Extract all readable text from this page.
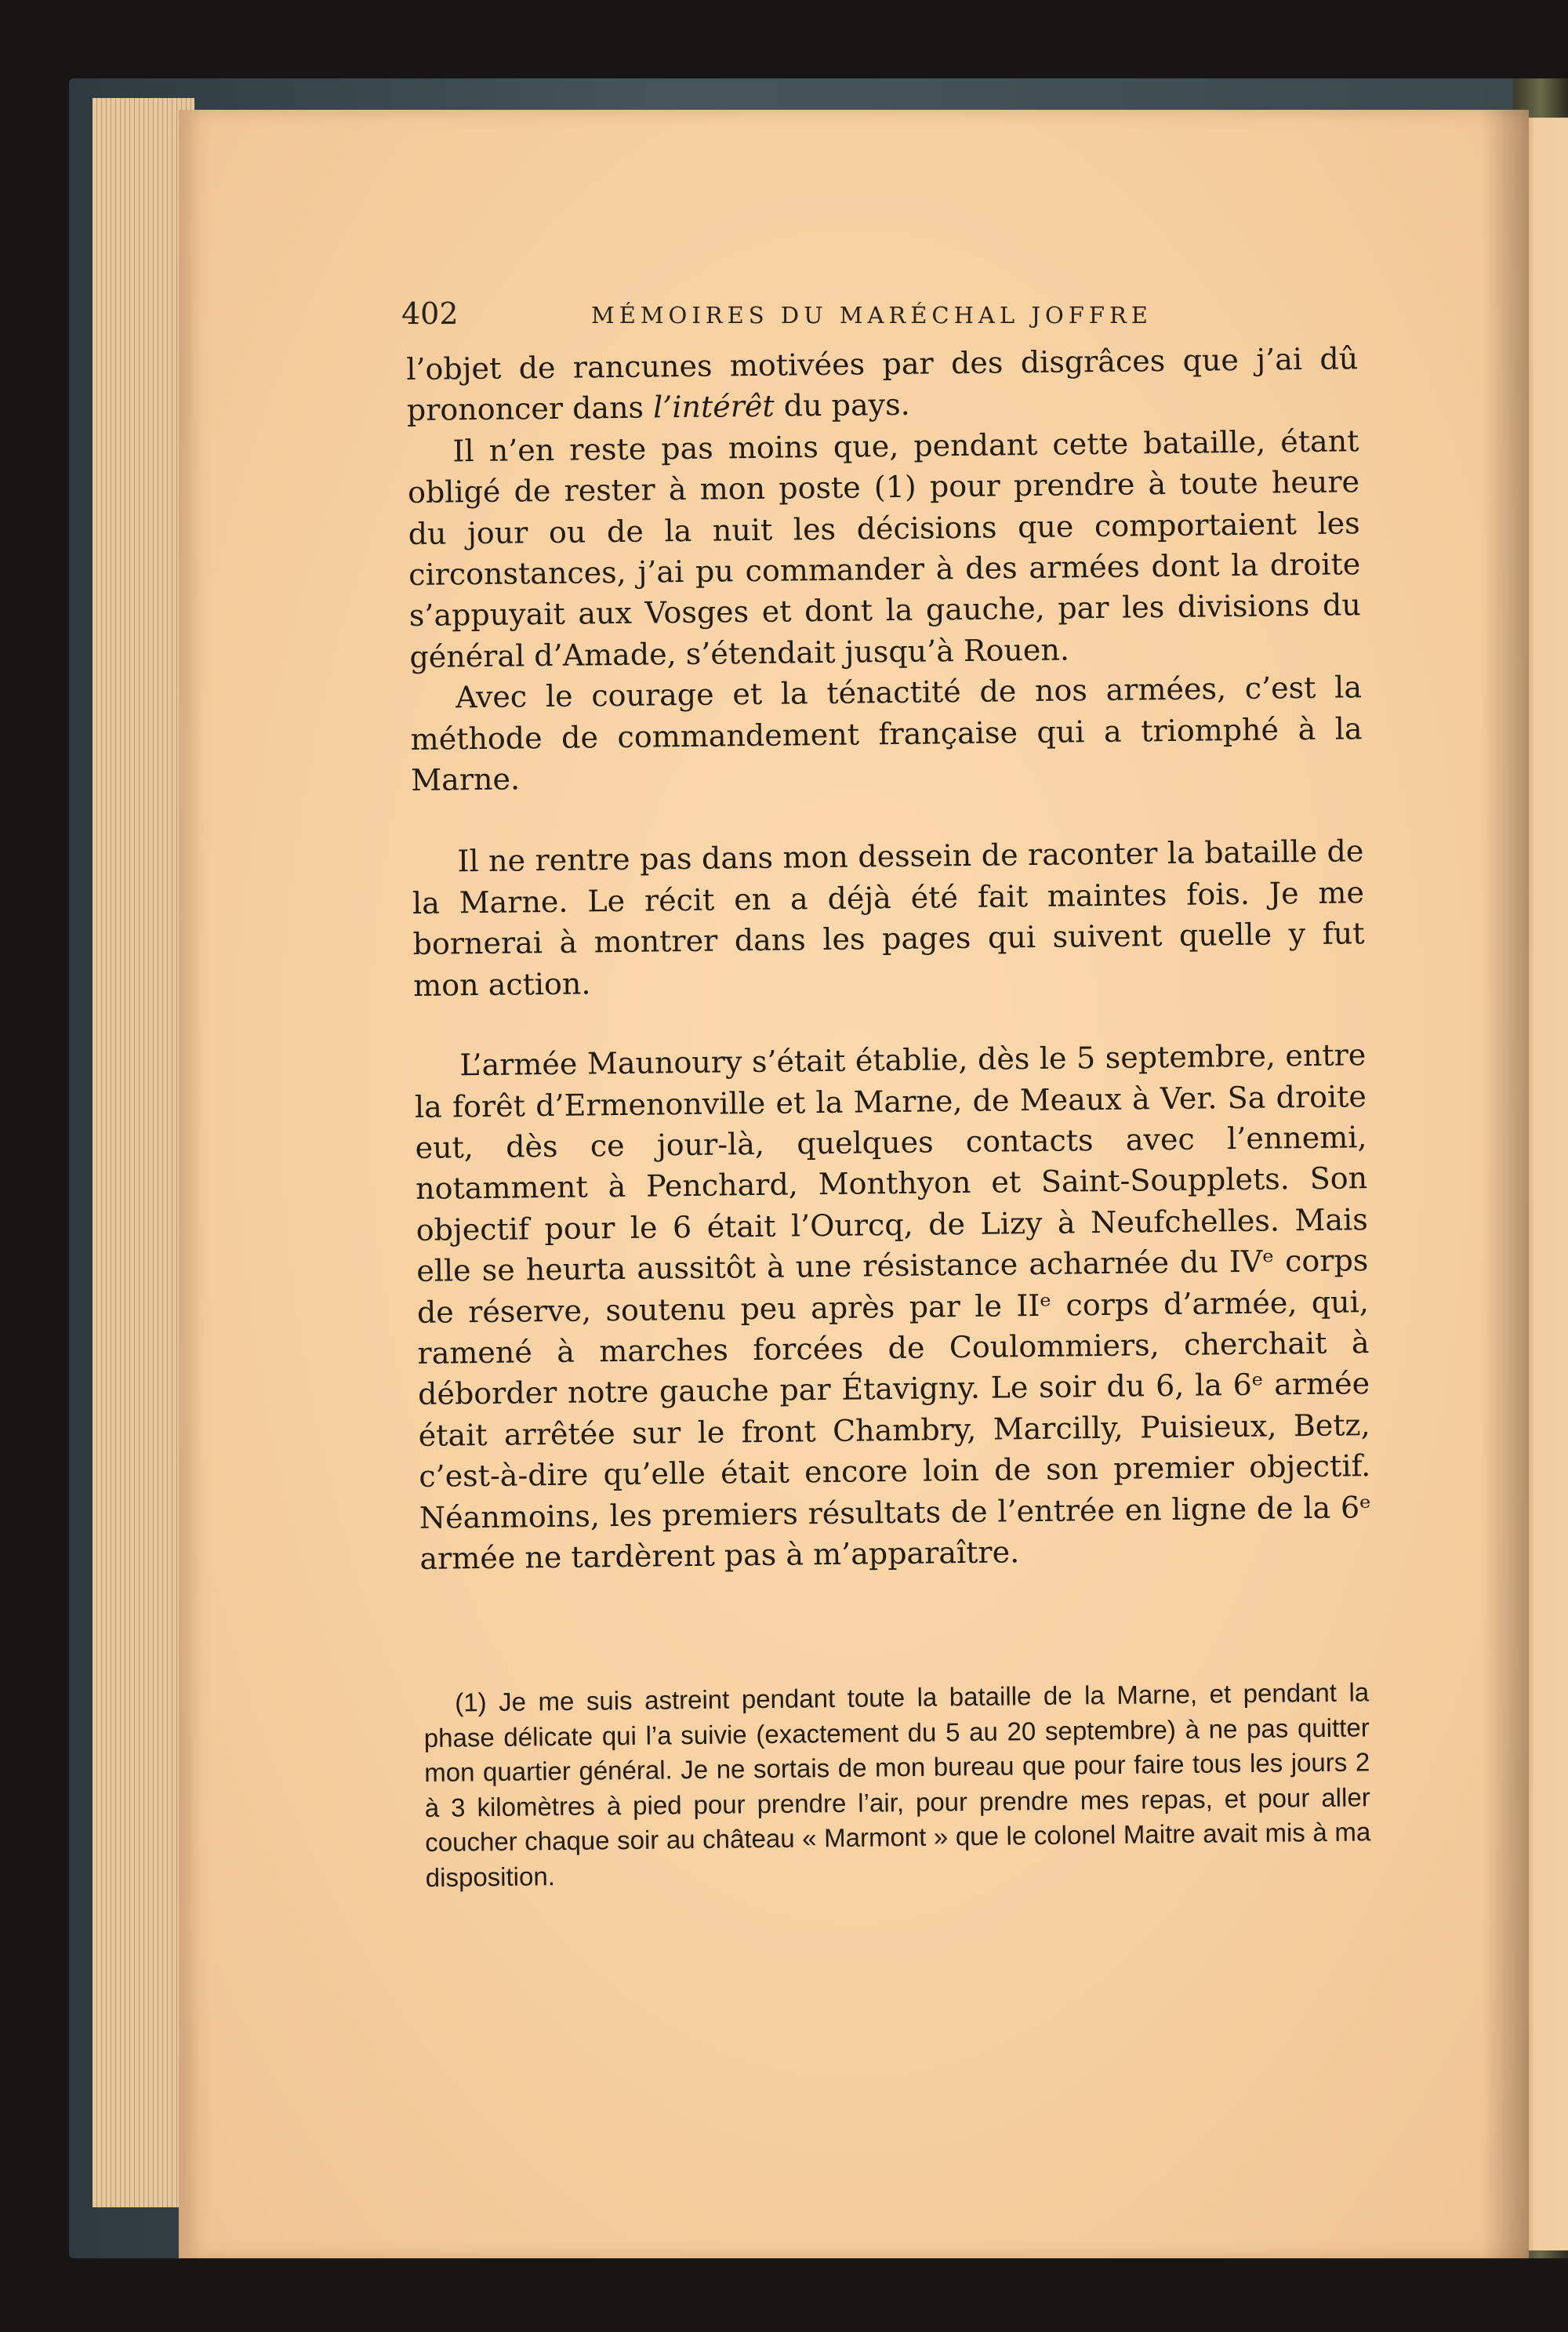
402	MÉMOIRES DU MARÉCHAL JOFFRE

l’objet de rancunes motivées par des disgrâces que j’ai dû prononcer dans l’intérêt du pays.

Il n’en reste pas moins que, pendant cette bataille, étant obligé de rester à mon poste (1) pour prendre à toute heure du jour ou de la nuit les décisions que comportaient les circonstances, j’ai pu commander à des armées dont la droite s’appuyait aux Vosges et dont la gauche, par les divisions du général d’Amade, s’étendait jusqu’à Rouen.

Avec le courage et la ténactité de nos armées, c’est la méthode de commandement française qui a triomphé à la Marne.

Il ne rentre pas dans mon dessein de raconter la bataille de la Marne. Le récit en a déjà été fait maintes fois. Je me bornerai à montrer dans les pages qui suivent quelle y fut mon action.

L’armée Maunoury s’était établie, dès le 5 septembre, entre la forêt d’Ermenonville et la Marne, de Meaux à Ver. Sa droite eut, dès ce jour-là, quelques contacts avec l’ennemi, notamment à Penchard, Monthyon et Saint-Soupplets. Son objectif pour le 6 était l’Ourcq, de Lizy à Neufchelles. Mais elle se heurta aussitôt à une résistance acharnée du IVᵉ corps de réserve, soutenu peu après par le IIᵉ corps d’armée, qui, ramené à marches forcées de Coulommiers, cherchait à déborder notre gauche par Étavigny. Le soir du 6, la 6ᵉ armée était arrêtée sur le front Chambry, Marcilly, Puisieux, Betz, c’est-à-dire qu’elle était encore loin de son premier objectif. Néanmoins, les premiers résultats de l’entrée en ligne de la 6ᵉ armée ne tardèrent pas à m’apparaître.

(1) Je me suis astreint pendant toute la bataille de la Marne, et pendant la phase délicate qui l’a suivie (exactement du 5 au 20 septembre) à ne pas quitter mon quartier général. Je ne sortais de mon bureau que pour faire tous les jours 2 à 3 kilomètres à pied pour prendre l’air, pour prendre mes repas, et pour aller coucher chaque soir au château « Marmont » que le colonel Maitre avait mis à ma disposition.
